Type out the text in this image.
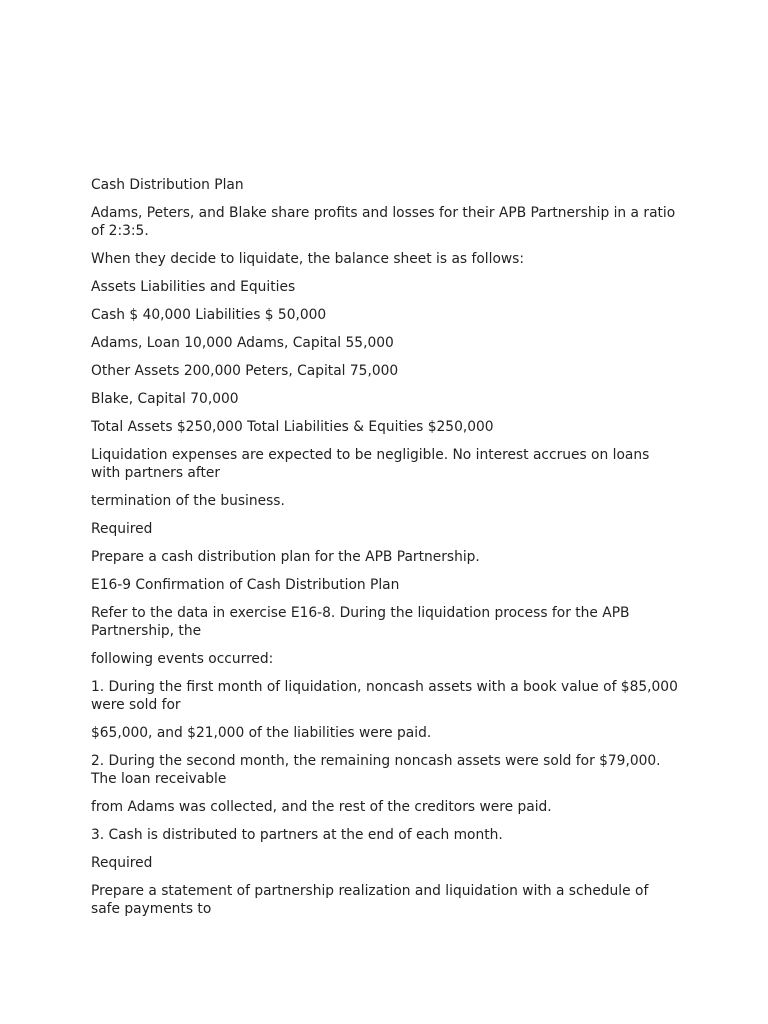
Cash Distribution Plan

Adams, Peters, and Blake share profits and losses for their APB Partnership in a ratio of 2:3:5.

When they decide to liquidate, the balance sheet is as follows:

Assets Liabilities and Equities

Cash $ 40,000 Liabilities $ 50,000

Adams, Loan 10,000 Adams, Capital 55,000

Other Assets 200,000 Peters, Capital 75,000

Blake, Capital 70,000

Total Assets $250,000 Total Liabilities & Equities $250,000

Liquidation expenses are expected to be negligible. No interest accrues on loans with partners after

termination of the business.

Required

Prepare a cash distribution plan for the APB Partnership.

E16-9 Confirmation of Cash Distribution Plan

Refer to the data in exercise E16-8. During the liquidation process for the APB Partnership, the

following events occurred:

1. During the first month of liquidation, noncash assets with a book value of $85,000 were sold for

$65,000, and $21,000 of the liabilities were paid.

2. During the second month, the remaining noncash assets were sold for $79,000. The loan receivable

from Adams was collected, and the rest of the creditors were paid.

3. Cash is distributed to partners at the end of each month.

Required

Prepare a statement of partnership realization and liquidation with a schedule of safe payments to
